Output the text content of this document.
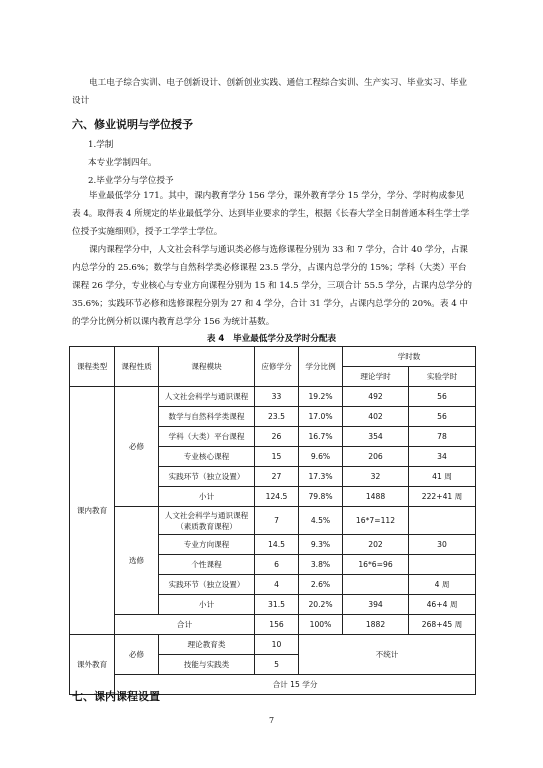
电工电子综合实训、电子创新设计、创新创业实践、通信工程综合实训、生产实习、毕业实习、毕业设计

六、修业说明与学位授予

1.学制

本专业学制四年。

2.毕业学分与学位授予

毕业最低学分 171。其中，课内教育学分 156 学分，课外教育学分 15 学分，学分、学时构成参见表 4。取得表 4 所规定的毕业最低学分、达到毕业要求的学生，根据《长春大学全日制普通本科生学士学位授予实施细则》，授予工学学士学位。

课内课程学分中，人文社会科学与通识类必修与选修课程分别为 33 和 7 学分，合计 40 学分，占课内总学分的 25.6%；数学与自然科学类必修课程 23.5 学分，占课内总学分的 15%；学科（大类）平台课程 26 学分，专业核心与专业方向课程分别为 15 和 14.5 学分，三项合计 55.5 学分，占课内总学分的 35.6%；实践环节必修和选修课程分别为 27 和 4 学分，合计 31 学分，占课内总学分的 20%。表 4 中的学分比例分析以课内教育总学分 156 为统计基数。

表 4　毕业最低学分及学时分配表
课程类型	课程性质	课程模块	应修学分	学分比例	学时数	
					理论学时	实验学时
课内教育	必修	人文社会科学与通识课程	33	19.2%	492	56
		数学与自然科学类课程	23.5	17.0%	402	56
		学科（大类）平台课程	26	16.7%	354	78
		专业核心课程	15	9.6%	206	34
		实践环节（独立设置）	27	17.3%	32	41 周
		小计	124.5	79.8%	1488	222+41 周
	选修	人文社会科学与通识课程（素质教育课程）	7	4.5%	16*7=112	
		专业方向课程	14.5	9.3%	202	30
		个性课程	6	3.8%	16*6=96	
		实践环节（独立设置）	4	2.6%		4 周
		小计	31.5	20.2%	394	46+4 周
	合计		156	100%	1882	268+45 周
课外教育	必修	理论教育类	10	不统计		
		技能与实践类	5			
	合计 15 学分					

七、课内课程设置

7
